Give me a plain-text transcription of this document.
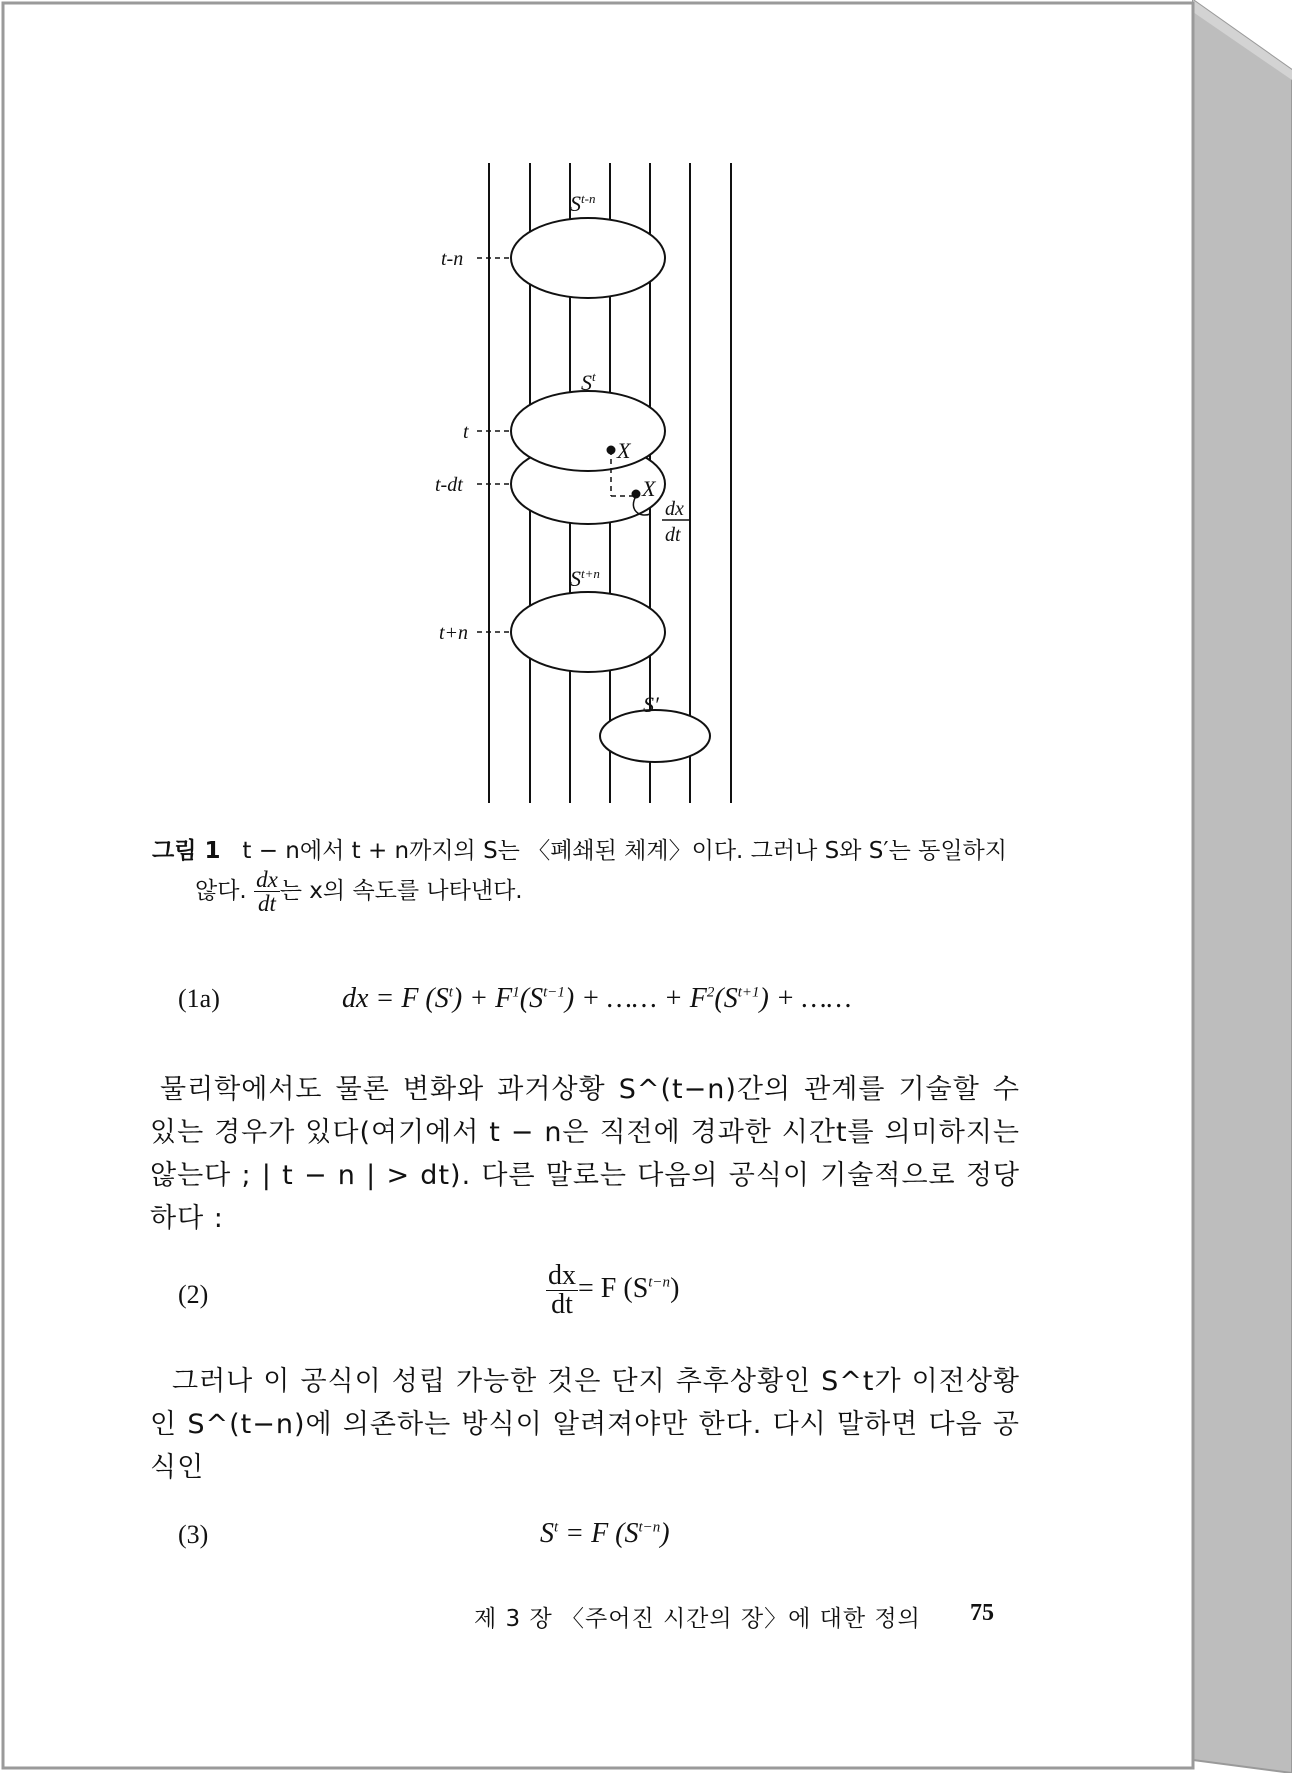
$S^{t-n}$
$S^t$
$S^{t+n}$
S′
X
X
dx
dt
t-n
t
t-dt
t+n
그림 1 t − n에서 t + n까지의 S는 〈폐쇄된 체계〉이다. 그러나 S와 S′는 동일하지
않다. $\frac{dx}{dt}$ 는 x의 속도를 나타낸다.
(1a)	dx = F $(S^t) + F^1(S^{t-1})$ + …… + $F^2(S^{t+1})$ + ……
물리학에서도 물론 변화와 과거상황 S^(t−n)간의 관계를 기술할 수 있는 경우가 있다(여기에서 t − n은 직전에 경과한 시간t를 의미하지는 않는다 ; | t − n | > dt). 다른 말로는 다음의 공식이 기술적으로 정당하다 :
(2)	$\frac{dx}{dt} = F$ $(S^{t-n})$
그러나 이 공식이 성립 가능한 것은 단지 추후상황인 S^t가 이전상황인 S^(t−n)에 의존하는 방식이 알려져야만 한다. 다시 말하면 다음 공식인
(3)	$S^t = F$ $(S^{t-n})$
제 3 장 〈주어진 시간의 장〉에 대한 정의 75
